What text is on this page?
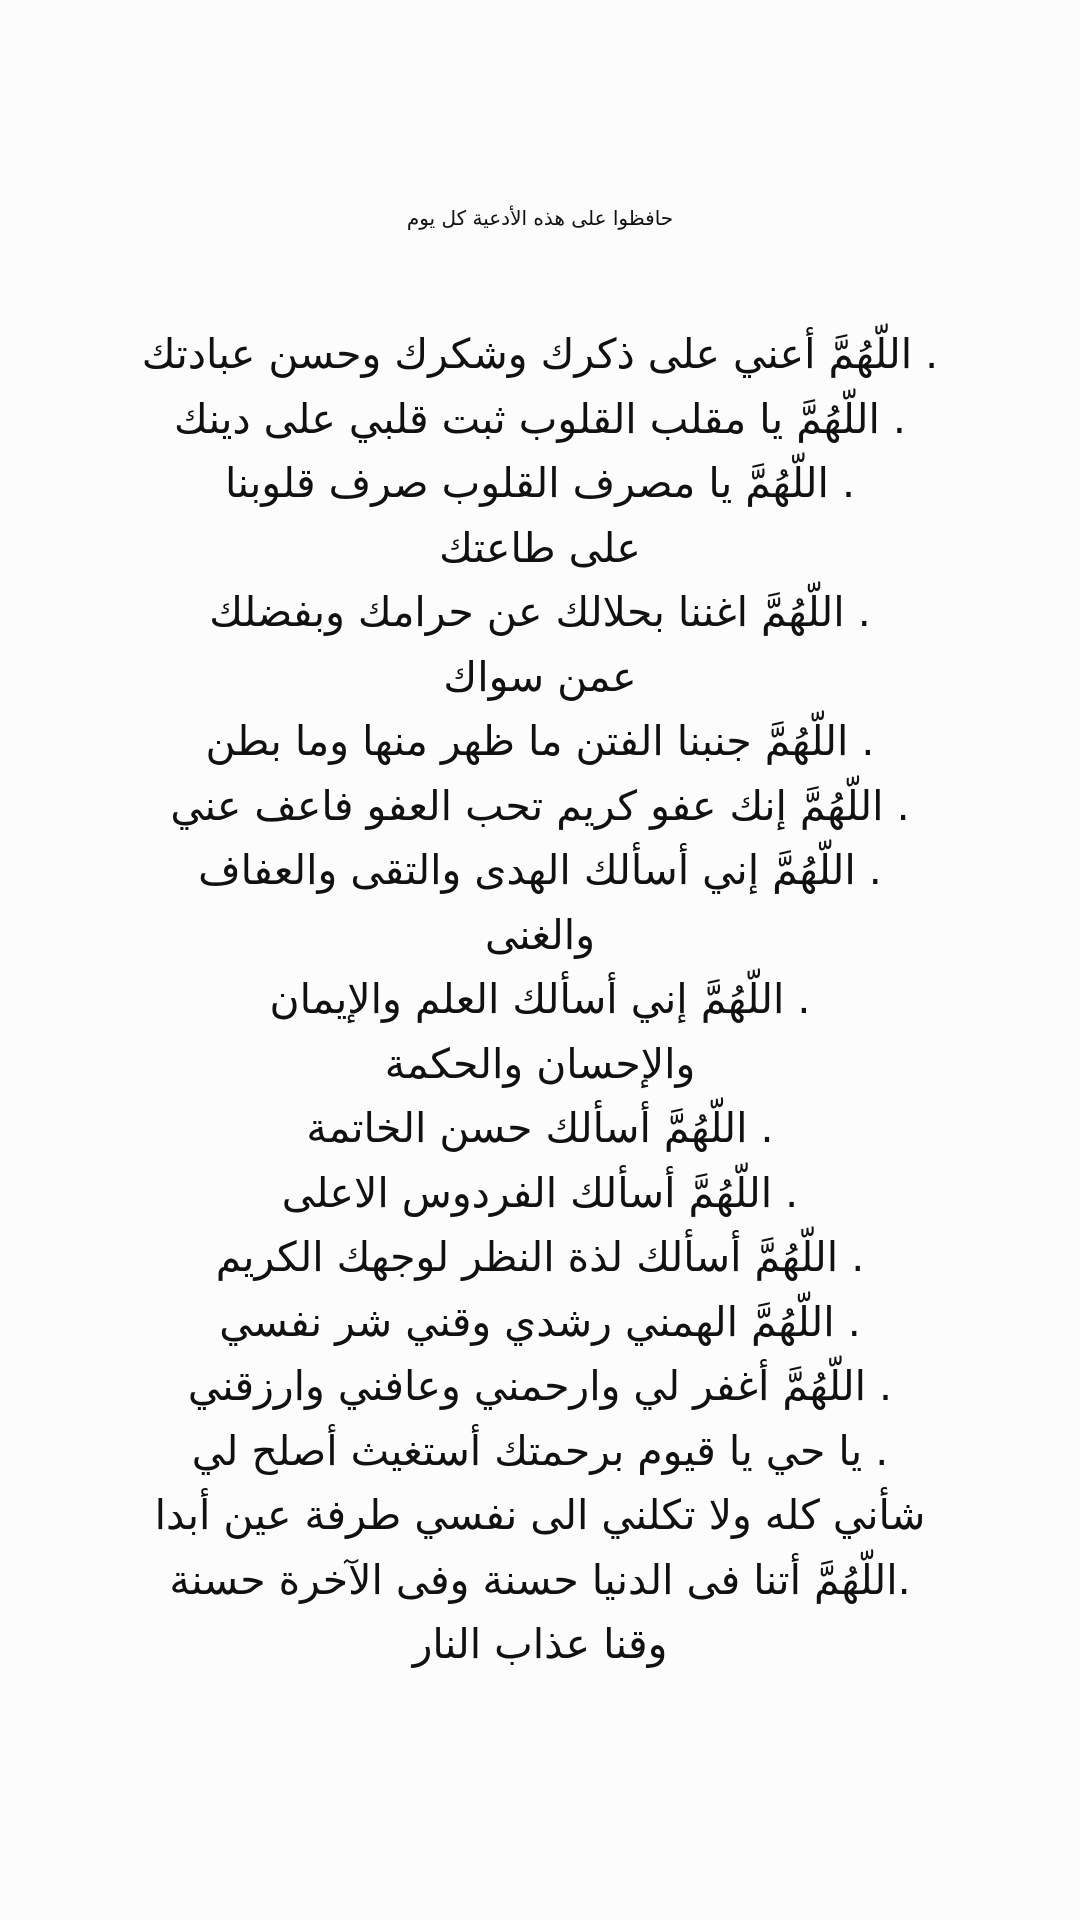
حافظوا على هذه الأدعية كل يوم
. اللّهُمَّ أعني على ذكرك وشكرك وحسن عبادتك
. اللّهُمَّ يا مقلب القلوب ثبت قلبي على دينك
. اللّهُمَّ يا مصرف القلوب صرف قلوبنا
على طاعتك
. اللّهُمَّ اغننا بحلالك عن حرامك وبفضلك
عمن سواك
. اللّهُمَّ جنبنا الفتن ما ظهر منها وما بطن
. اللّهُمَّ إنك عفو كريم تحب العفو فاعف عني
. اللّهُمَّ إني أسألك الهدى والتقى والعفاف
والغنى
. اللّهُمَّ إني أسألك العلم والإيمان
والإحسان والحكمة
. اللّهُمَّ أسألك حسن الخاتمة
. اللّهُمَّ أسألك الفردوس الاعلى
. اللّهُمَّ أسألك لذة النظر لوجهك الكريم
. اللّهُمَّ الهمني رشدي وقني شر نفسي
. اللّهُمَّ أغفر لي وارحمني وعافني وارزقني
. يا حي يا قيوم برحمتك أستغيث أصلح لي
شأني كله ولا تكلني الى نفسي طرفة عين أبدا
.اللّهُمَّ أتنا فى الدنيا حسنة وفى الآخرة حسنة
وقنا عذاب النار
